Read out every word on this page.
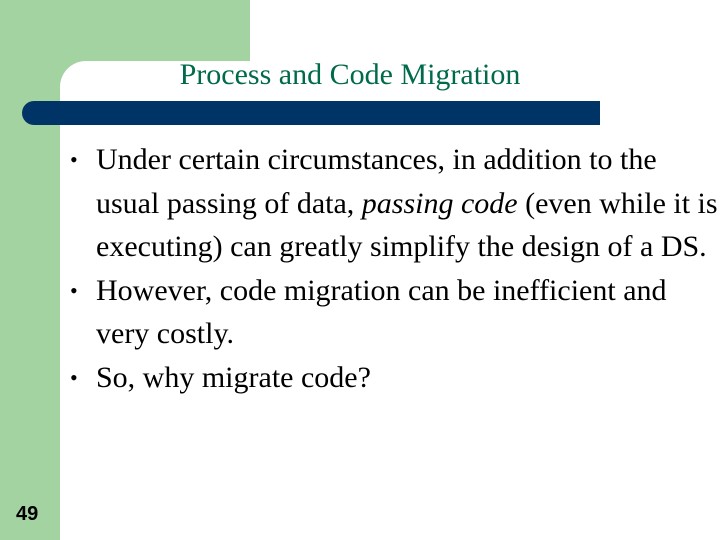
Process and Code Migration
• Under certain circumstances, in addition to the usual passing of data, passing code (even while it is executing) can greatly simplify the design of a DS.
• However, code migration can be inefficient and very costly.
• So, why migrate code?
49
